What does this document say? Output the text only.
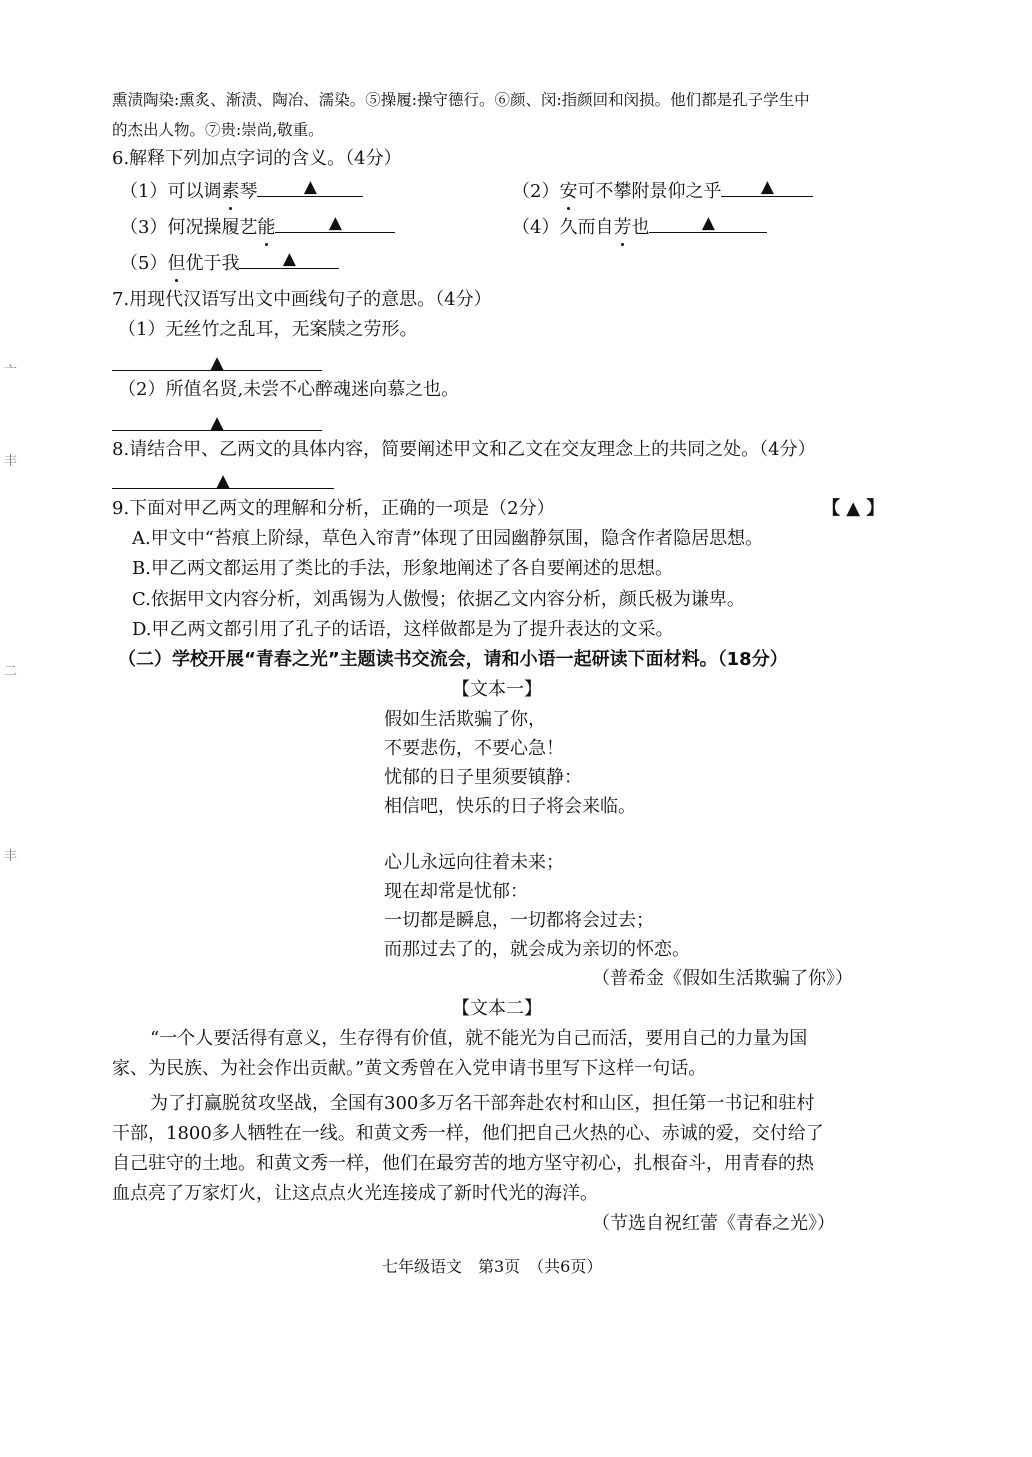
亠
丰
二
丰
熏渍陶染:熏炙、渐渍、陶冶、濡染。⑤操履:操守德行。⑥颜、闵:指颜回和闵损。他们都是孔子学生中
的杰出人物。⑦贵:崇尚,敬重。
6.解释下列加点字词的含义。（4分）
（1）可以调素琴	▲	（2）安可不攀附景仰之乎	▲
（3）何况操履艺能	▲	（4）久而自芳也	▲
（5）但优于我	▲
7.用现代汉语写出文中画线句子的意思。（4分）
（1）无丝竹之乱耳，无案牍之劳形。
▲
（2）所值名贤,未尝不心醉魂迷向慕之也。
▲
8.请结合甲、乙两文的具体内容，简要阐述甲文和乙文在交友理念上的共同之处。（4分）
▲
9.下面对甲乙两文的理解和分析，正确的一项是（2分）	【 ▲ 】
A.甲文中“苔痕上阶绿，草色入帘青”体现了田园幽静氛围，隐含作者隐居思想。
B.甲乙两文都运用了类比的手法，形象地阐述了各自要阐述的思想。
C.依据甲文内容分析，刘禹锡为人傲慢；依据乙文内容分析，颜氏极为谦卑。
D.甲乙两文都引用了孔子的话语，这样做都是为了提升表达的文采。
（二）学校开展“青春之光”主题读书交流会，请和小语一起研读下面材料。（18分）
【文本一】
假如生活欺骗了你，
不要悲伤，不要心急！
忧郁的日子里须要镇静：
相信吧，快乐的日子将会来临。
心儿永远向往着未来；
现在却常是忧郁：
一切都是瞬息，一切都将会过去；
而那过去了的，就会成为亲切的怀恋。
（普希金《假如生活欺骗了你》）
【文本二】
“一个人要活得有意义，生存得有价值，就不能光为自己而活，要用自己的力量为国
家、为民族、为社会作出贡献。”黄文秀曾在入党申请书里写下这样一句话。
为了打赢脱贫攻坚战，全国有300多万名干部奔赴农村和山区，担任第一书记和驻村
干部，1800多人牺牲在一线。和黄文秀一样，他们把自己火热的心、赤诚的爱，交付给了
自己驻守的土地。和黄文秀一样，他们在最穷苦的地方坚守初心，扎根奋斗，用青春的热
血点亮了万家灯火，让这点点火光连接成了新时代光的海洋。
（节选自祝红蕾《青春之光》）
七年级语文　第3页　（共6页）
